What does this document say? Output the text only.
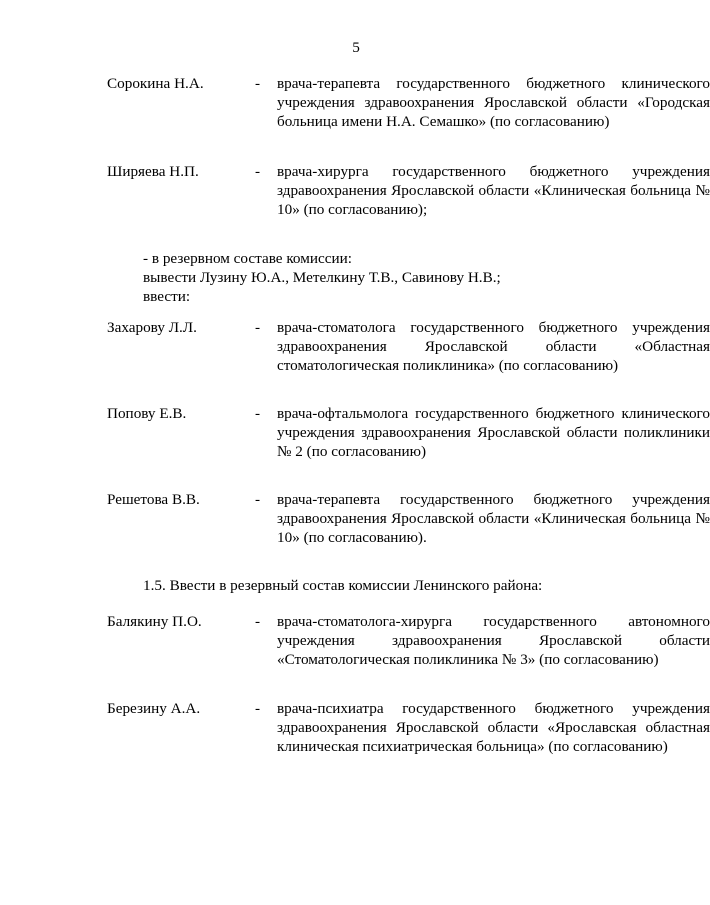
5
Сорокина Н.А.	- врача-терапевта государственного бюджетного клинического учреждения здравоохранения Ярославской области «Городская больница имени Н.А. Семашко» (по согласованию)
Ширяева Н.П.	- врача-хирурга государственного бюджетного учреждения здравоохранения Ярославской области «Клиническая больница № 10» (по согласованию);
- в резервном составе комиссии:
вывести Лузину Ю.А., Метелкину Т.В., Савинову Н.В.;
ввести:
Захарову Л.Л.	- врача-стоматолога государственного бюджетного учреждения здравоохранения Ярославской области «Областная стоматологическая поликлиника» (по согласованию)
Попову Е.В.	- врача-офтальмолога государственного бюджетного клинического учреждения здравоохранения Ярославской области поликлиники № 2 (по согласованию)
Решетова В.В.	- врача-терапевта государственного бюджетного учреждения здравоохранения Ярославской области «Клиническая больница № 10» (по согласованию).
1.5. Ввести в резервный состав комиссии Ленинского района:
Балякину П.О.	- врача-стоматолога-хирурга государственного автономного учреждения здравоохранения Ярославской области «Стоматологическая поликлиника № 3» (по согласованию)
Березину А.А.	- врача-психиатра государственного бюджетного учреждения здравоохранения Ярославской области «Ярославская областная клиническая психиатрическая больница» (по согласованию)
